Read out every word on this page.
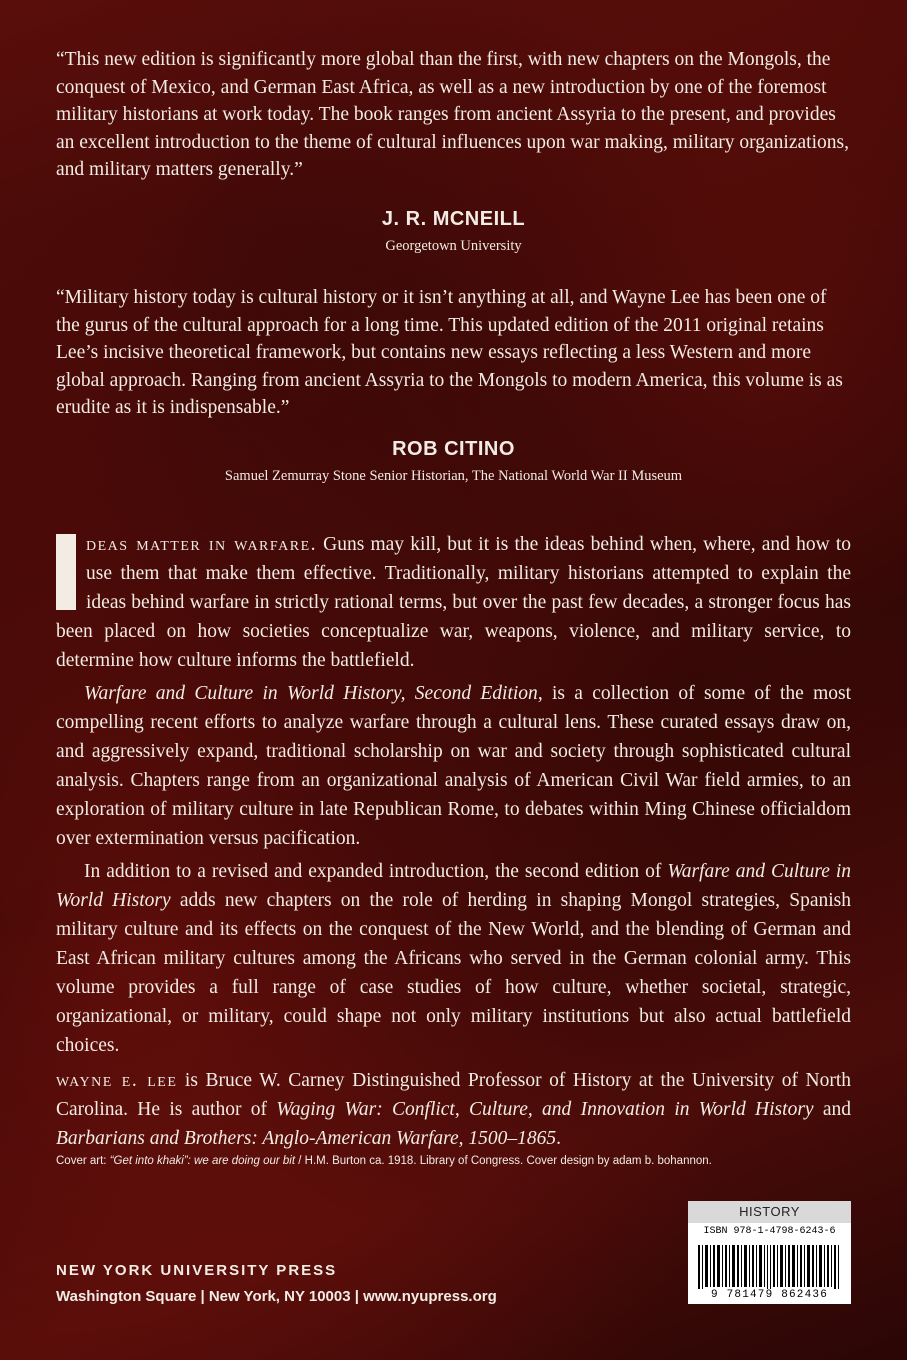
“This new edition is significantly more global than the first, with new chapters on the Mongols, the conquest of Mexico, and German East Africa, as well as a new introduction by one of the foremost military historians at work today. The book ranges from ancient Assyria to the present, and provides an excellent introduction to the theme of cultural influences upon war making, military organizations, and military matters generally.”
J. R. MCNEILL
Georgetown University
“Military history today is cultural history or it isn’t anything at all, and Wayne Lee has been one of the gurus of the cultural approach for a long time. This updated edition of the 2011 original retains Lee’s incisive theoretical framework, but contains new essays reflecting a less Western and more global approach. Ranging from ancient Assyria to the Mongols to modern America, this volume is as erudite as it is indispensable.”
ROB CITINO
Samuel Zemurray Stone Senior Historian, The National World War II Museum

deas matter in warfare. Guns may kill, but it is the ideas behind when, where, and how to use them that make them effective. Traditionally, military historians attempted to explain the ideas behind warfare in strictly rational terms, but over the past few decades, a stronger focus has been placed on how societies conceptualize war, weapons, violence, and military service, to determine how culture informs the battlefield.

Warfare and Culture in World History, Second Edition, is a collection of some of the most compelling recent efforts to analyze warfare through a cultural lens. These curated essays draw on, and aggressively expand, traditional scholarship on war and society through sophisticated cultural analysis. Chapters range from an organizational analysis of American Civil War field armies, to an exploration of military culture in late Republican Rome, to debates within Ming Chinese officialdom over extermination versus pacification.

In addition to a revised and expanded introduction, the second edition of Warfare and Culture in World History adds new chapters on the role of herding in shaping Mongol strategies, Spanish military culture and its effects on the conquest of the New World, and the blending of German and East African military cultures among the Africans who served in the German colonial army. This volume provides a full range of case studies of how culture, whether societal, strategic, organizational, or military, could shape not only military institutions but also actual battlefield choices.

wayne e. lee is Bruce W. Carney Distinguished Professor of History at the University of North Carolina. He is author of Waging War: Conflict, Culture, and Innovation in World History and Barbarians and Brothers: Anglo-American Warfare, 1500–1865.

Cover art: “Get into khaki”: we are doing our bit / H.M. Burton ca. 1918. Library of Congress. Cover design by adam b. bohannon.
NEW YORK UNIVERSITY PRESS
Washington Square | New York, NY 10003 | www.nyupress.org
HISTORY
ISBN 978-1-4798-6243-6
9 781479 862436
